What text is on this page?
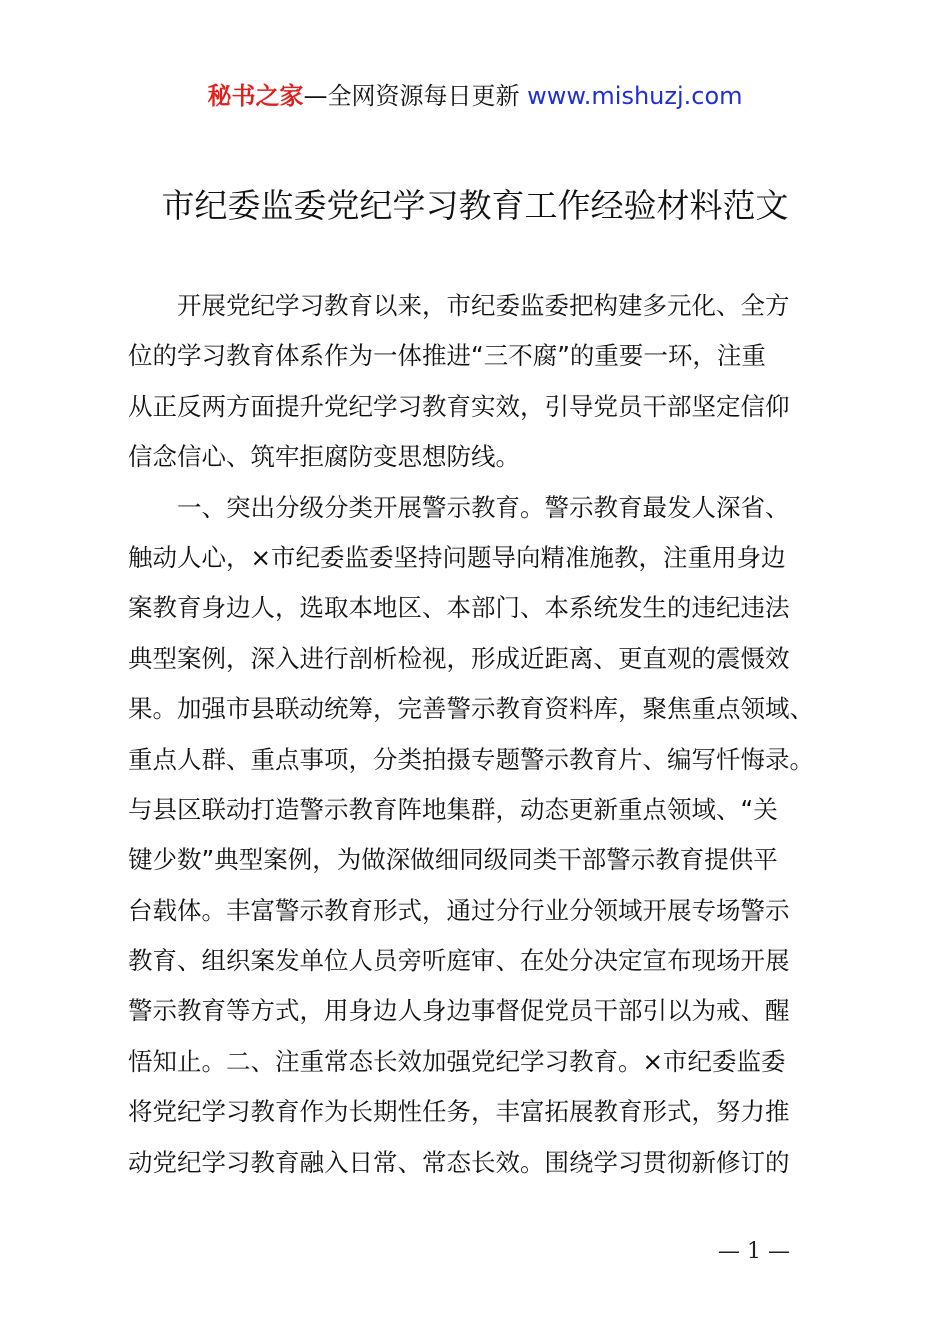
秘书之家—全网资源每日更新 www.mishuzj.com
市纪委监委党纪学习教育工作经验材料范文
　　开展党纪学习教育以来，市纪委监委把构建多元化、全方
位的学习教育体系作为一体推进“三不腐”的重要一环，注重
从正反两方面提升党纪学习教育实效，引导党员干部坚定信仰
信念信心、筑牢拒腐防变思想防线。
　　一、突出分级分类开展警示教育。警示教育最发人深省、
触动人心，×市纪委监委坚持问题导向精准施教，注重用身边
案教育身边人，选取本地区、本部门、本系统发生的违纪违法
典型案例，深入进行剖析检视，形成近距离、更直观的震慑效
果。加强市县联动统筹，完善警示教育资料库，聚焦重点领域、
重点人群、重点事项，分类拍摄专题警示教育片、编写忏悔录。
与县区联动打造警示教育阵地集群，动态更新重点领域、“关
键少数”典型案例，为做深做细同级同类干部警示教育提供平
台载体。丰富警示教育形式，通过分行业分领域开展专场警示
教育、组织案发单位人员旁听庭审、在处分决定宣布现场开展
警示教育等方式，用身边人身边事督促党员干部引以为戒、醒
悟知止。二、注重常态长效加强党纪学习教育。×市纪委监委
将党纪学习教育作为长期性任务，丰富拓展教育形式，努力推
动党纪学习教育融入日常、常态长效。围绕学习贯彻新修订的
— 1 —
